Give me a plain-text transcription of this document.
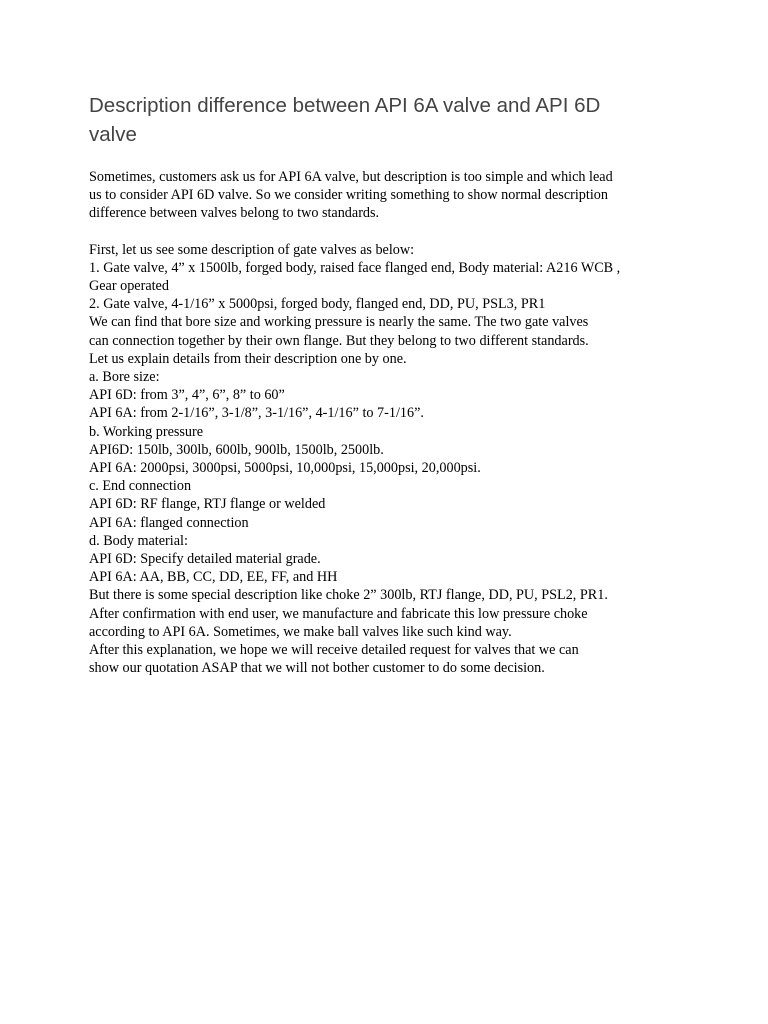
Description difference between API 6A valve and API 6D
valve
Sometimes, customers ask us for API 6A valve, but description is too simple and which lead
us to consider API 6D valve. So we consider writing something to show normal description
difference between valves belong to two standards.
First, let us see some description of gate valves as below:
1. Gate valve, 4” x 1500lb, forged body, raised face flanged end, Body material: A216 WCB ,
Gear operated
2. Gate valve, 4-1/16” x 5000psi, forged body, flanged end, DD, PU, PSL3, PR1
We can find that bore size and working pressure is nearly the same. The two gate valves
can connection together by their own flange. But they belong to two different standards.
Let us explain details from their description one by one.
a. Bore size:
API 6D: from 3”, 4”, 6”, 8” to 60”
API 6A: from 2-1/16”, 3-1/8”, 3-1/16”, 4-1/16” to 7-1/16”.
b. Working pressure
API6D: 150lb, 300lb, 600lb, 900lb, 1500lb, 2500lb.
API 6A: 2000psi, 3000psi, 5000psi, 10,000psi, 15,000psi, 20,000psi.
c. End connection
API 6D: RF flange, RTJ flange or welded
API 6A: flanged connection
d. Body material:
API 6D: Specify detailed material grade.
API 6A: AA, BB, CC, DD, EE, FF, and HH
But there is some special description like choke 2” 300lb, RTJ flange, DD, PU, PSL2, PR1.
After confirmation with end user, we manufacture and fabricate this low pressure choke
according to API 6A. Sometimes, we make ball valves like such kind way.
After this explanation, we hope we will receive detailed request for valves that we can
show our quotation ASAP that we will not bother customer to do some decision.
